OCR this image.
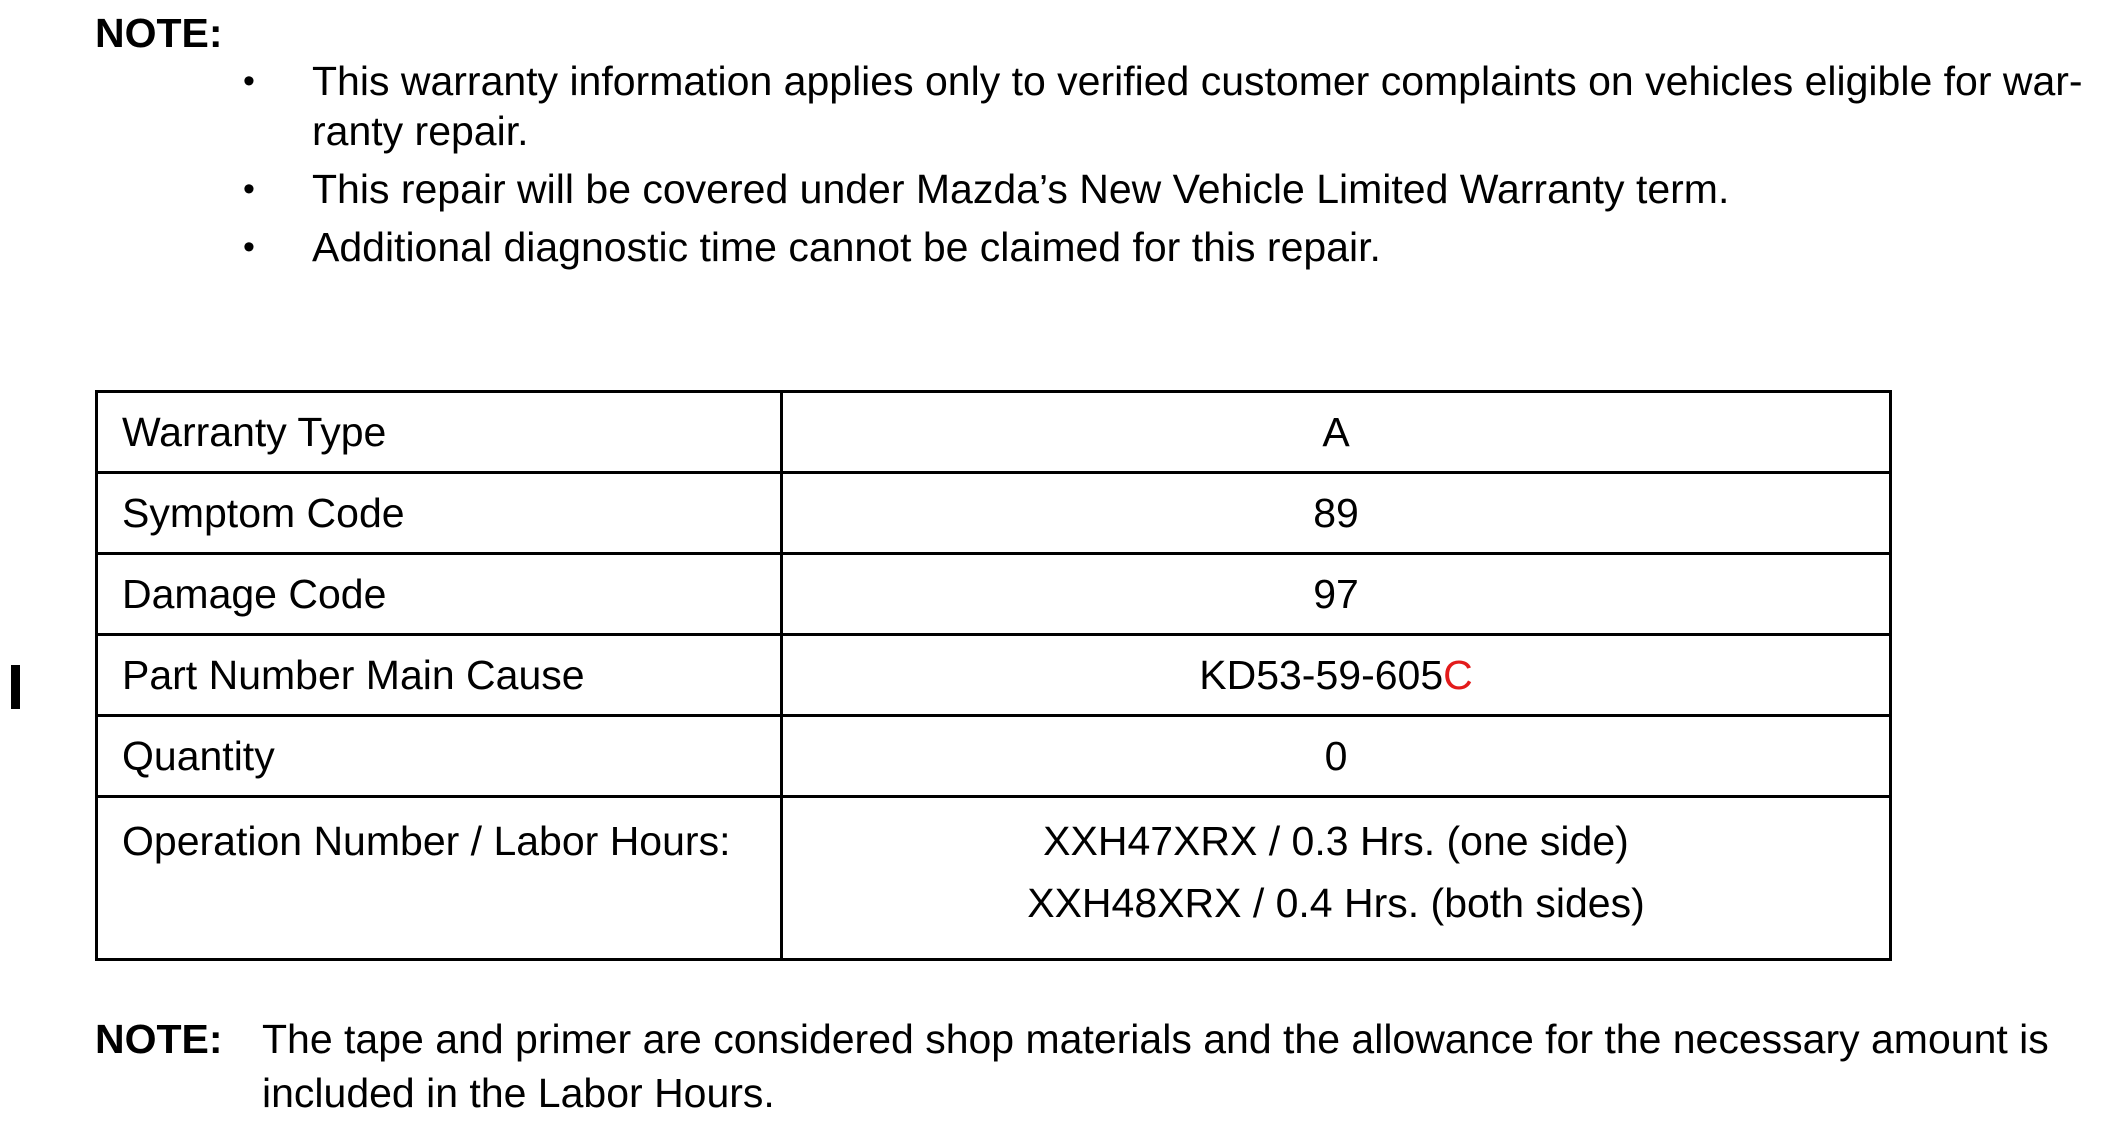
NOTE:
• This warranty information applies only to verified customer complaints on vehicles eligible for war-ranty repair.
• This repair will be covered under Mazda’s New Vehicle Limited Warranty term.
• Additional diagnostic time cannot be claimed for this repair.
Warranty Type	A
Symptom Code	89
Damage Code	97
Part Number Main Cause	KD53-59-605C
Quantity	0
Operation Number / Labor Hours:	XXH47XRX / 0.3 Hrs. (one side)
XXH48XRX / 0.4 Hrs. (both sides)
NOTE: The tape and primer are considered shop materials and the allowance for the necessary amount is included in the Labor Hours.
